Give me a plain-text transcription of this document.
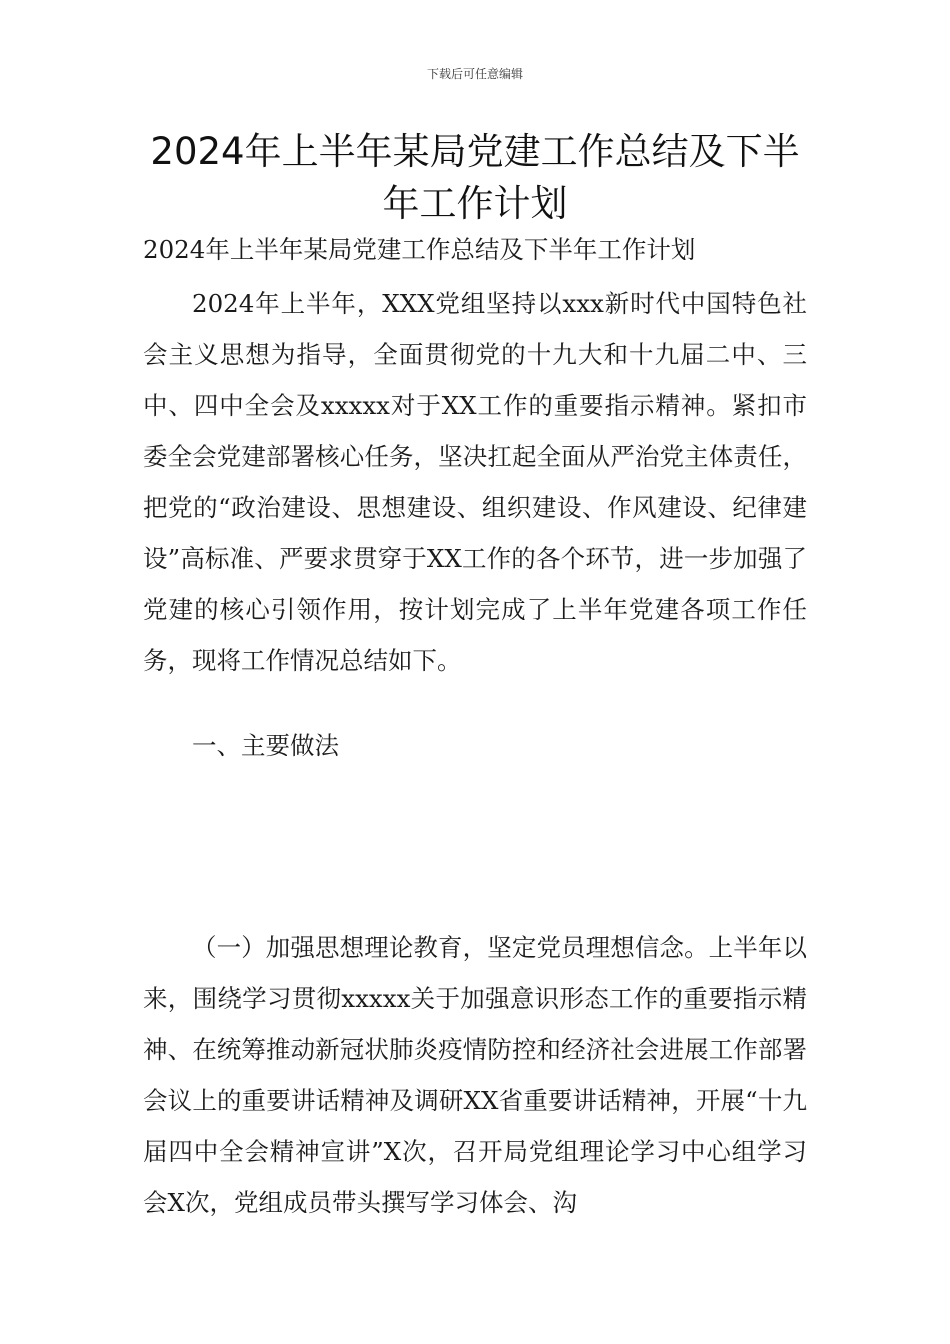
下载后可任意编辑
2024年上半年某局党建工作总结及下半年工作计划

2024年上半年某局党建工作总结及下半年工作计划

2024年上半年，XXX党组坚持以xxx新时代中国特色社会主义思想为指导，全面贯彻党的十九大和十九届二中、三中、四中全会及xxxxx对于XX工作的重要指示精神。紧扣市委全会党建部署核心任务，坚决扛起全面从严治党主体责任，把党的“政治建设、思想建设、组织建设、作风建设、纪律建设”高标准、严要求贯穿于XX工作的各个环节，进一步加强了党建的核心引领作用，按计划完成了上半年党建各项工作任务，现将工作情况总结如下。

一、主要做法

（一）加强思想理论教育，坚定党员理想信念。上半年以来，围绕学习贯彻xxxxx关于加强意识形态工作的重要指示精神、在统筹推动新冠状肺炎疫情防控和经济社会进展工作部署会议上的重要讲话精神及调研XX省重要讲话精神，开展“十九届四中全会精神宣讲”X次，召开局党组理论学习中心组学习会X次，党组成员带头撰写学习体会、沟
